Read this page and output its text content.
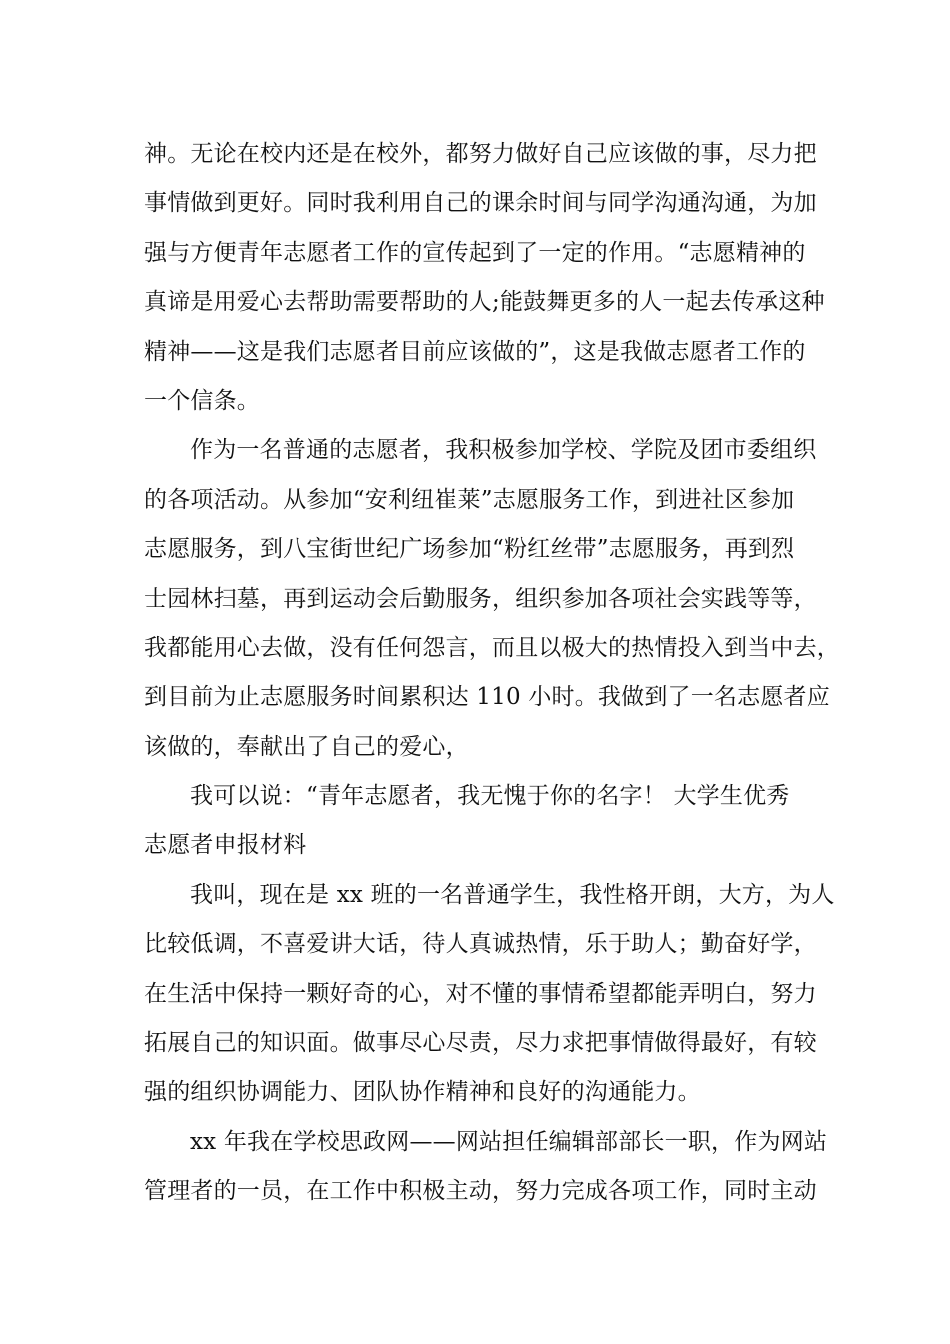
神。无论在校内还是在校外，都努力做好自己应该做的事，尽力把
事情做到更好。同时我利用自己的课余时间与同学沟通沟通，为加
强与方便青年志愿者工作的宣传起到了一定的作用。“志愿精神的
真谛是用爱心去帮助需要帮助的人;能鼓舞更多的人一起去传承这种
精神——这是我们志愿者目前应该做的”，这是我做志愿者工作的
一个信条。
作为一名普通的志愿者，我积极参加学校、学院及团市委组织
的各项活动。从参加“安利纽崔莱”志愿服务工作，到进社区参加
志愿服务，到八宝街世纪广场参加“粉红丝带”志愿服务，再到烈
士园林扫墓，再到运动会后勤服务，组织参加各项社会实践等等，
我都能用心去做，没有任何怨言，而且以极大的热情投入到当中去，
到目前为止志愿服务时间累积达 110 小时。我做到了一名志愿者应
该做的，奉献出了自己的爱心，
我可以说：“青年志愿者，我无愧于你的名字！ 大学生优秀
志愿者申报材料
我叫，现在是 xx 班的一名普通学生，我性格开朗，大方，为人
比较低调，不喜爱讲大话，待人真诚热情，乐于助人；勤奋好学，
在生活中保持一颗好奇的心，对不懂的事情希望都能弄明白，努力
拓展自己的知识面。做事尽心尽责，尽力求把事情做得最好，有较
强的组织协调能力、团队协作精神和良好的沟通能力。
xx 年我在学校思政网——网站担任编辑部部长一职，作为网站
管理者的一员，在工作中积极主动，努力完成各项工作，同时主动
